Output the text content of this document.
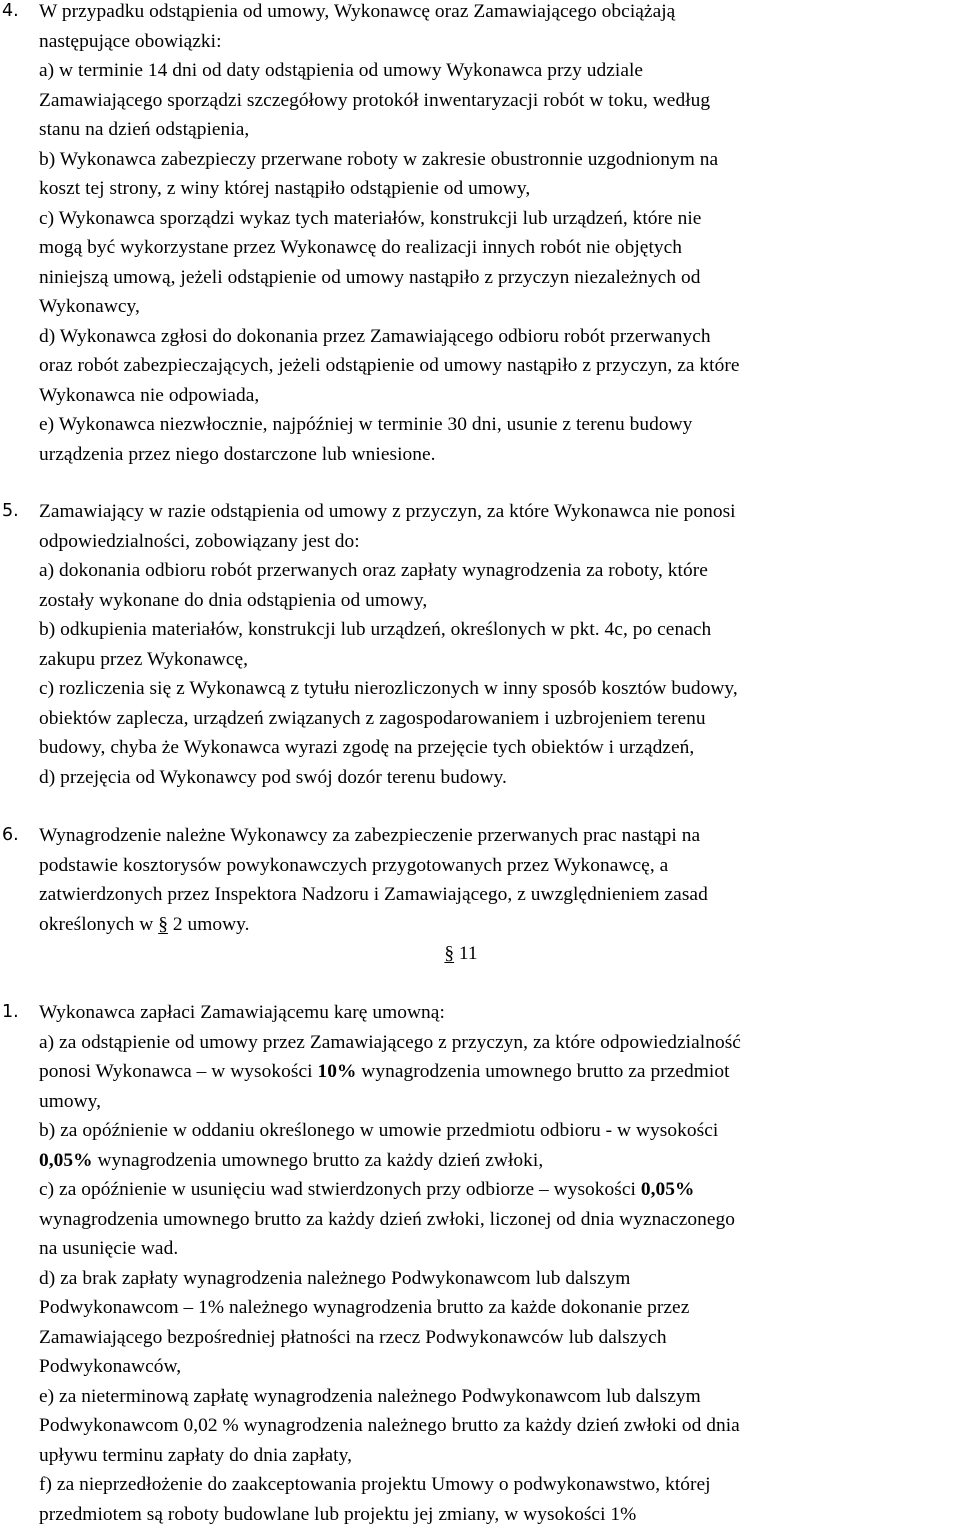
4. W przypadku odstąpienia od umowy, Wykonawcę oraz Zamawiającego obciążają
następujące obowiązki:
a) w terminie 14 dni od daty odstąpienia od umowy Wykonawca przy udziale
Zamawiającego sporządzi szczegółowy protokół inwentaryzacji robót w toku, według
stanu na dzień odstąpienia,
b) Wykonawca zabezpieczy przerwane roboty w zakresie obustronnie uzgodnionym na
koszt tej strony, z winy której nastąpiło odstąpienie od umowy,
c) Wykonawca sporządzi wykaz tych materiałów, konstrukcji lub urządzeń, które nie
mogą być wykorzystane przez Wykonawcę do realizacji innych robót nie objętych
niniejszą umową, jeżeli odstąpienie od umowy nastąpiło z przyczyn niezależnych od
Wykonawcy,
d) Wykonawca zgłosi do dokonania przez Zamawiającego odbioru robót przerwanych
oraz robót zabezpieczających, jeżeli odstąpienie od umowy nastąpiło z przyczyn, za które
Wykonawca nie odpowiada,
e) Wykonawca niezwłocznie, najpóźniej w terminie 30 dni, usunie z terenu budowy
urządzenia przez niego dostarczone lub wniesione.
5. Zamawiający w razie odstąpienia od umowy z przyczyn, za które Wykonawca nie ponosi
odpowiedzialności, zobowiązany jest do:
a) dokonania odbioru robót przerwanych oraz zapłaty wynagrodzenia za roboty, które
zostały wykonane do dnia odstąpienia od umowy,
b) odkupienia materiałów, konstrukcji lub urządzeń, określonych w pkt. 4c, po cenach
zakupu przez Wykonawcę,
c) rozliczenia się z Wykonawcą z tytułu nierozliczonych w inny sposób kosztów budowy,
obiektów zaplecza, urządzeń związanych z zagospodarowaniem i uzbrojeniem terenu
budowy, chyba że Wykonawca wyrazi zgodę na przejęcie tych obiektów i urządzeń,
d) przejęcia od Wykonawcy pod swój dozór terenu budowy.
6. Wynagrodzenie należne Wykonawcy za zabezpieczenie przerwanych prac nastąpi na
podstawie kosztorysów powykonawczych przygotowanych przez Wykonawcę, a
zatwierdzonych przez Inspektora Nadzoru i Zamawiającego, z uwzględnieniem zasad
określonych w § 2 umowy.
§ 11
1. Wykonawca zapłaci Zamawiającemu karę umowną:
a) za odstąpienie od umowy przez Zamawiającego z przyczyn, za które odpowiedzialność
ponosi Wykonawca – w wysokości 10% wynagrodzenia umownego brutto za przedmiot
umowy,
b) za opóźnienie w oddaniu określonego w umowie przedmiotu odbioru - w wysokości
0,05% wynagrodzenia umownego brutto za każdy dzień zwłoki,
c) za opóźnienie w usunięciu wad stwierdzonych przy odbiorze – wysokości 0,05%
wynagrodzenia umownego brutto za każdy dzień zwłoki, liczonej od dnia wyznaczonego
na usunięcie wad.
d) za brak zapłaty wynagrodzenia należnego Podwykonawcom lub dalszym
Podwykonawcom – 1% należnego wynagrodzenia brutto za każde dokonanie przez
Zamawiającego bezpośredniej płatności na rzecz Podwykonawców lub dalszych
Podwykonawców,
e) za nieterminową zapłatę wynagrodzenia należnego Podwykonawcom lub dalszym
Podwykonawcom 0,02 % wynagrodzenia należnego brutto za każdy dzień zwłoki od dnia
upływu terminu zapłaty do dnia zapłaty,
f) za nieprzedłożenie do zaakceptowania projektu Umowy o podwykonawstwo, której
przedmiotem są roboty budowlane lub projektu jej zmiany, w wysokości 1%
